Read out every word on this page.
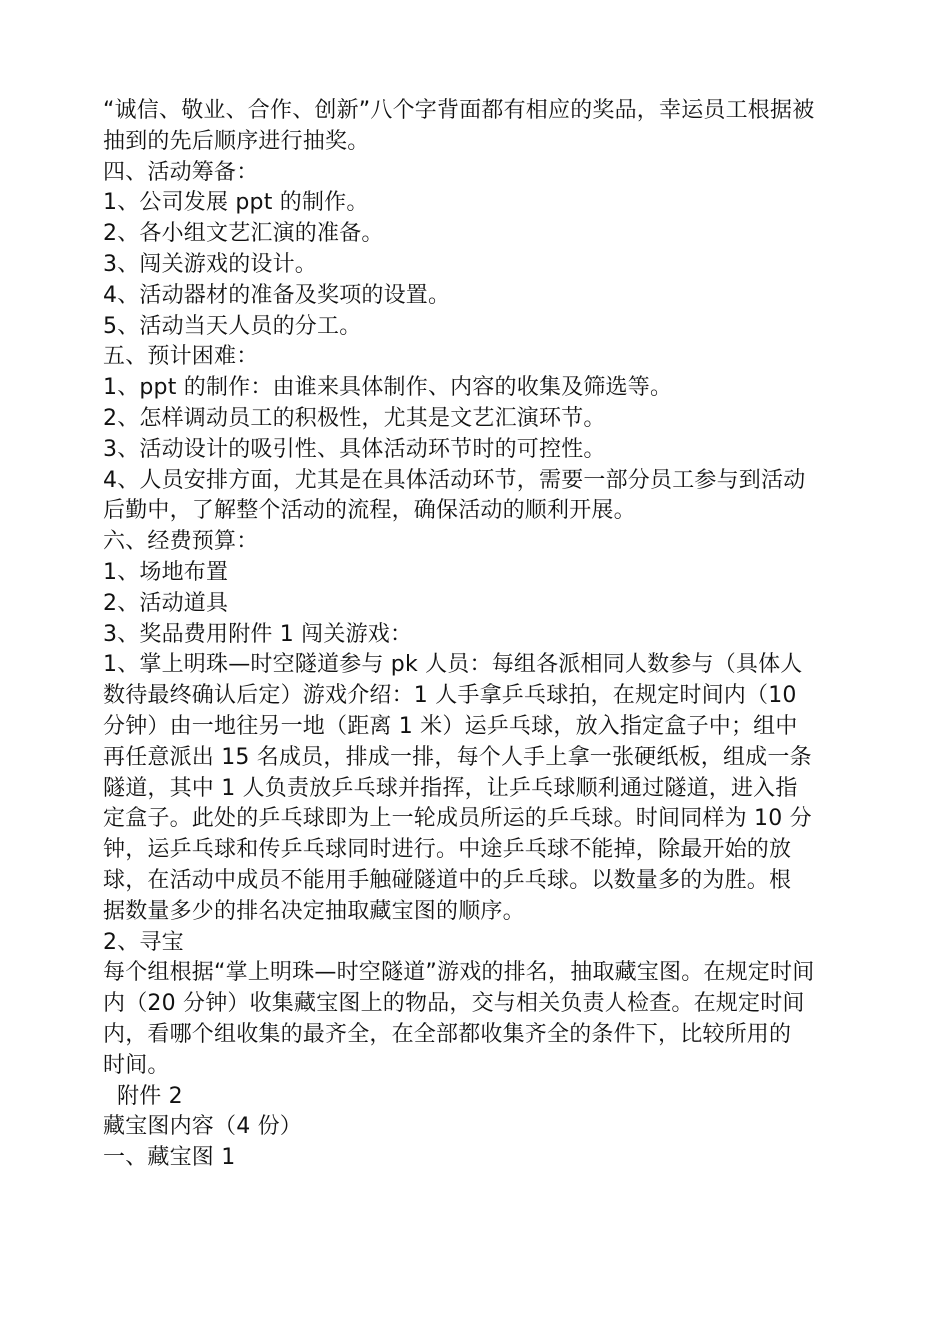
“诚信、敬业、合作、创新”八个字背面都有相应的奖品，幸运员工根据被
抽到的先后顺序进行抽奖。
四、活动筹备：
1、公司发展 ppt 的制作。
2、各小组文艺汇演的准备。
3、闯关游戏的设计。
4、活动器材的准备及奖项的设置。
5、活动当天人员的分工。
五、预计困难：
1、ppt 的制作：由谁来具体制作、内容的收集及筛选等。
2、怎样调动员工的积极性，尤其是文艺汇演环节。
3、活动设计的吸引性、具体活动环节时的可控性。
4、人员安排方面，尤其是在具体活动环节，需要一部分员工参与到活动
后勤中，了解整个活动的流程，确保活动的顺利开展。
六、经费预算：
1、场地布置
2、活动道具
3、奖品费用附件 1 闯关游戏：
1、掌上明珠—时空隧道参与 pk 人员：每组各派相同人数参与（具体人
数待最终确认后定）游戏介绍：1 人手拿乒乓球拍，在规定时间内（10
分钟）由一地往另一地（距离 1 米）运乒乓球，放入指定盒子中；组中
再任意派出 15 名成员，排成一排，每个人手上拿一张硬纸板，组成一条
隧道，其中 1 人负责放乒乓球并指挥，让乒乓球顺利通过隧道，进入指
定盒子。此处的乒乓球即为上一轮成员所运的乒乓球。时间同样为 10 分
钟，运乒乓球和传乒乓球同时进行。中途乒乓球不能掉，除最开始的放
球，在活动中成员不能用手触碰隧道中的乒乓球。以数量多的为胜。根
据数量多少的排名决定抽取藏宝图的顺序。
2、寻宝
每个组根据“掌上明珠—时空隧道”游戏的排名，抽取藏宝图。在规定时间
内（20 分钟）收集藏宝图上的物品，交与相关负责人检查。在规定时间
内，看哪个组收集的最齐全，在全部都收集齐全的条件下，比较所用的
时间。
附件 2
藏宝图内容（4 份）
一、藏宝图 1
